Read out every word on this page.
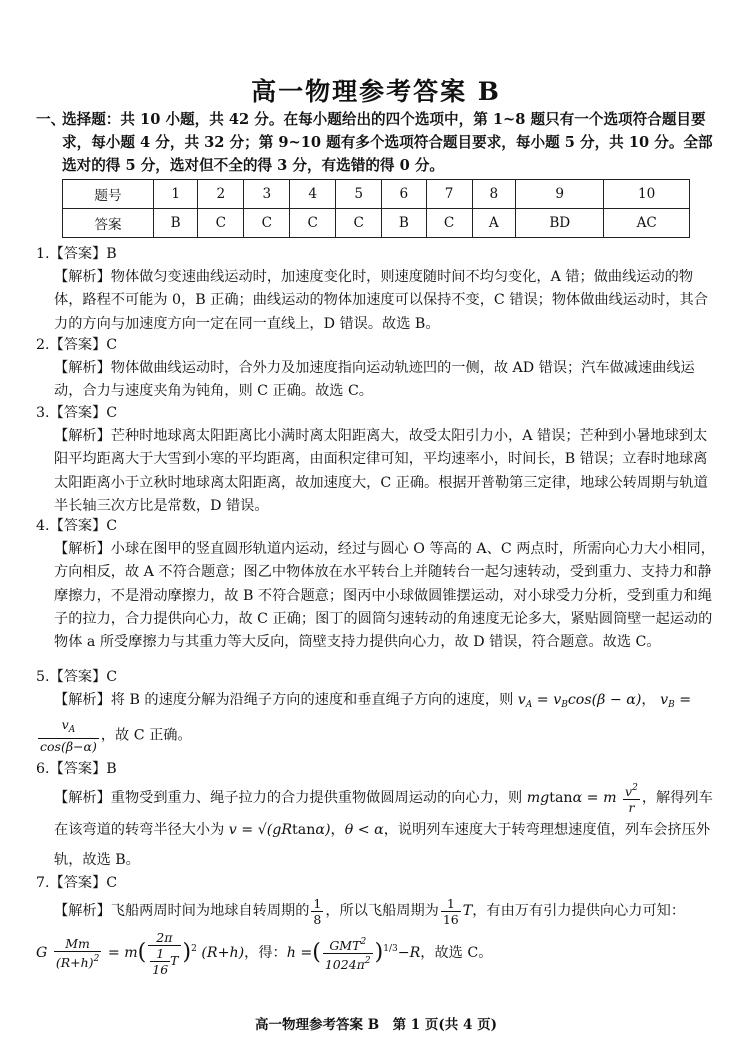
高一物理参考答案 B
一、
选择题：共 10 小题，共 42 分。在每小题给出的四个选项中，第 1~8 题只有一个选项符合题目要求，每小题 4 分，共 32 分；第 9~10 题有多个选项符合题目要求，每小题 5 分，共 10 分。全部选对的得 5 分，选对但不全的得 3 分，有选错的得 0 分。
题号	1	2	3	4	5	6	7	8	9	10
答案	B	C	C	C	C	B	C	A	BD	AC
1.【答案】B
【解析】物体做匀变速曲线运动时，加速度变化时，则速度随时间不均匀变化，A 错；做曲线运动的物体，路程不可能为 0，B 正确；曲线运动的物体加速度可以保持不变，C 错误；物体做曲线运动时，其合力的方向与加速度方向一定在同一直线上，D 错误。故选 B。
2.【答案】C
【解析】物体做曲线运动时，合外力及加速度指向运动轨迹凹的一侧，故 AD 错误；汽车做减速曲线运动，合力与速度夹角为钝角，则 C 正确。故选 C。
3.【答案】C
【解析】芒种时地球离太阳距离比小满时离太阳距离大，故受太阳引力小，A 错误；芒种到小暑地球到太阳平均距离大于大雪到小寒的平均距离，由面积定律可知，平均速率小，时间长，B 错误；立春时地球离太阳距离小于立秋时地球离太阳距离，故加速度大，C 正确。根据开普勒第三定律，地球公转周期与轨道半长轴三次方比是常数，D 错误。
4.【答案】C
【解析】小球在图甲的竖直圆形轨道内运动，经过与圆心 O 等高的 A、C 两点时，所需向心力大小相同，方向相反，故 A 不符合题意；图乙中物体放在水平转台上并随转台一起匀速转动，受到重力、支持力和静摩擦力，不是滑动摩擦力，故 B 不符合题意；图丙中小球做圆锥摆运动，对小球受力分析，受到重力和绳子的拉力，合力提供向心力，故 C 正确；图丁的圆筒匀速转动的角速度无论多大，紧贴圆筒壁一起运动的物体 a 所受摩擦力与其重力等大反向，筒壁支持力提供向心力，故 D 错误，符合题意。故选 C。
5.【答案】C
【解析】将 B 的速度分解为沿绳子方向的速度和垂直绳子方向的速度，则 $v_A = v_B\cos(\beta - \alpha)$， $v_B$ =
$\frac{v_A}{\cos(\beta-\alpha)}$ ，故 C 正确。
6.【答案】B
【解析】重物受到重力、绳子拉力的合力提供重物做圆周运动的向心力，则 mgtanα = m $\frac{v^2}{r}$ ，解得列车在该弯道的转弯半径大小为 v = √(gRtanα)，θ < α，说明列车速度大于转弯理想速度值，列车会挤压外轨，故选 B。
7.【答案】C
【解析】飞船两周时间为地球自转周期的 $\frac{1}{8}$ ，所以飞船周期为 $\frac{1}{16}$ T，有由万有引力提供向心力可知：
G $\frac{Mm}{(R+h)^2} = m( \frac{2\pi}{\frac{1}{16} T} )^2$ (R+h)，得：h =( $\frac{GMT^2}{1024\pi^2} )^{1/3}-R$，故选 C。
高一物理参考答案 B　第 1 页(共 4 页)
